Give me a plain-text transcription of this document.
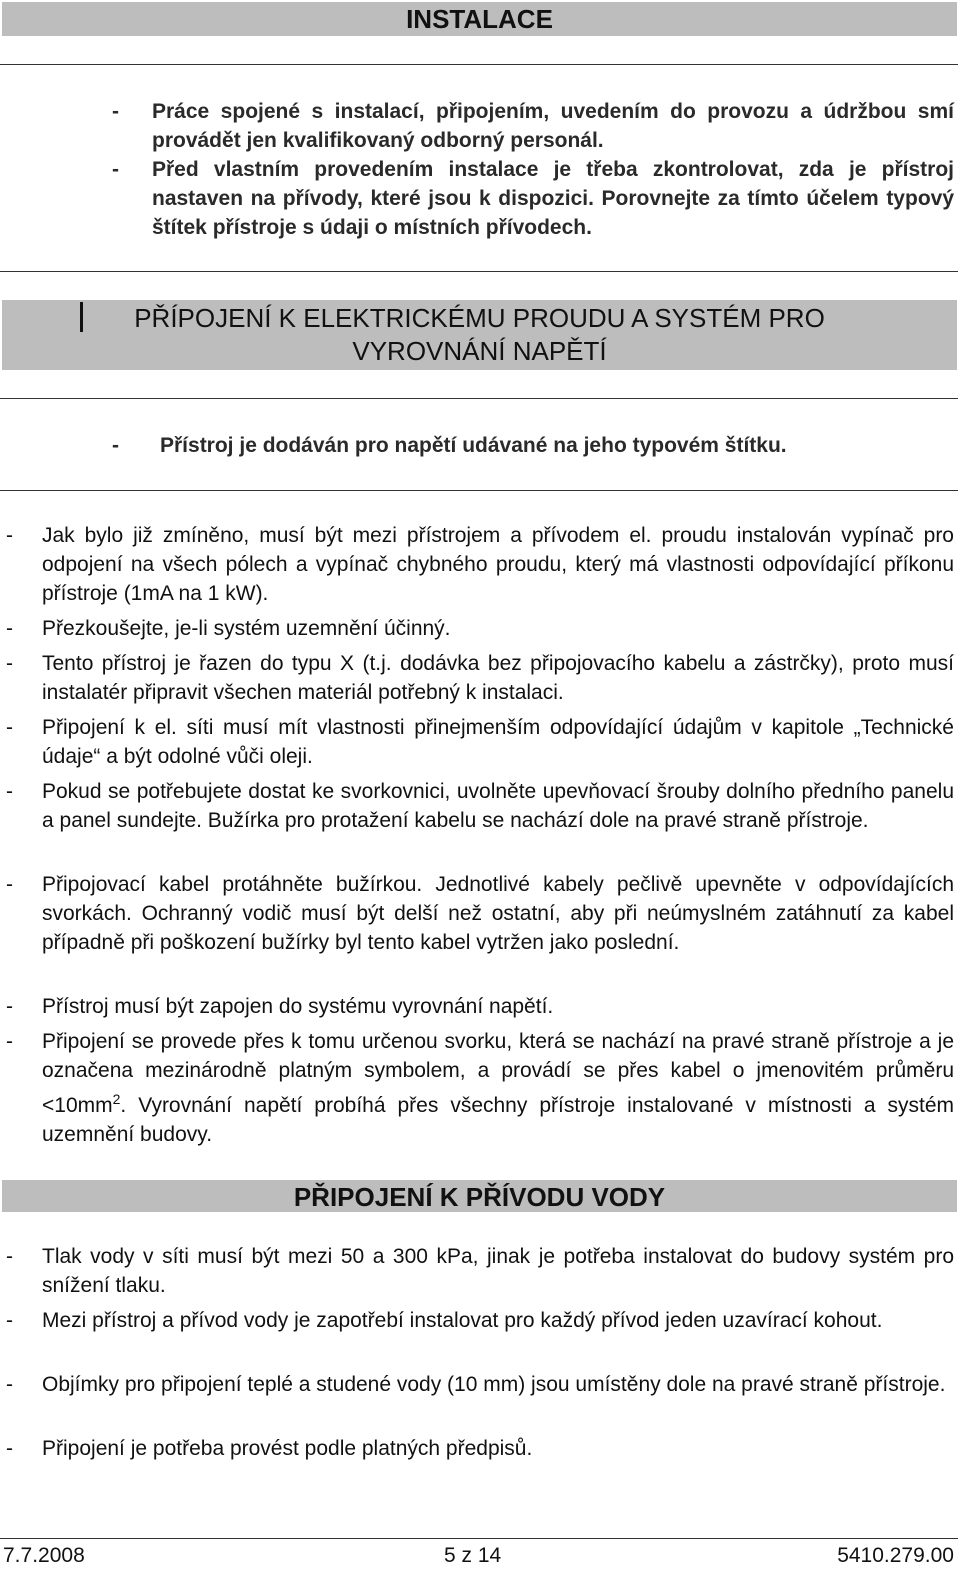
INSTALACE
- Práce spojené s instalací, připojením, uvedením do provozu a údržbou smí provádět jen kvalifikovaný odborný personál.
- Před vlastním provedením instalace je třeba zkontrolovat, zda je přístroj nastaven na přívody, které jsou k dispozici. Porovnejte za tímto účelem typový štítek přístroje s údaji o místních přívodech.
PŘÍPOJENÍ K ELEKTRICKÉMU PROUDU A SYSTÉM PRO
VYROVNÁNÍ NAPĚTÍ
- Přístroj je dodáván pro napětí udávané na jeho typovém štítku.
- Jak bylo již zmíněno, musí být mezi přístrojem a přívodem el. proudu instalován vypínač pro odpojení na všech pólech a vypínač chybného proudu, který má vlastnosti odpovídající příkonu přístroje (1mA na 1 kW).
- Přezkoušejte, je-li systém uzemnění účinný.
- Tento přístroj je řazen do typu X (t.j. dodávka bez připojovacího kabelu a zástrčky), proto musí instalatér připravit všechen materiál potřebný k instalaci.
- Připojení k el. síti musí mít vlastnosti přinejmenším odpovídající údajům v kapitole „Technické údaje“ a být odolné vůči oleji.
- Pokud se potřebujete dostat ke svorkovnici, uvolněte upevňovací šrouby dolního předního panelu a panel sundejte. Bužírka pro protažení kabelu se nachází dole na pravé straně přístroje.
- Připojovací kabel protáhněte bužírkou. Jednotlivé kabely pečlivě upevněte v odpovídajících svorkách. Ochranný vodič musí být delší než ostatní, aby při neúmyslném zatáhnutí za kabel případně při poškození bužírky byl tento kabel vytržen jako poslední.
- Přístroj musí být zapojen do systému vyrovnání napětí.
- Připojení se provede přes k tomu určenou svorku, která se nachází na pravé straně přístroje a je označena mezinárodně platným symbolem, a provádí se přes kabel o jmenovitém průměru $<10mm^2$. Vyrovnání napětí probíhá přes všechny přístroje instalované v místnosti a systém uzemnění budovy.
PŘIPOJENÍ K PŘÍVODU VODY
- Tlak vody v síti musí být mezi 50 a 300 kPa, jinak je potřeba instalovat do budovy systém pro snížení tlaku.
- Mezi přístroj a přívod vody je zapotřebí instalovat pro každý přívod jeden uzavírací kohout.
- Objímky pro připojení teplé a studené vody (10 mm) jsou umístěny dole na pravé straně přístroje.
- Připojení je potřeba provést podle platných předpisů.
7.7.2008	5 z 14	5410.279.00
